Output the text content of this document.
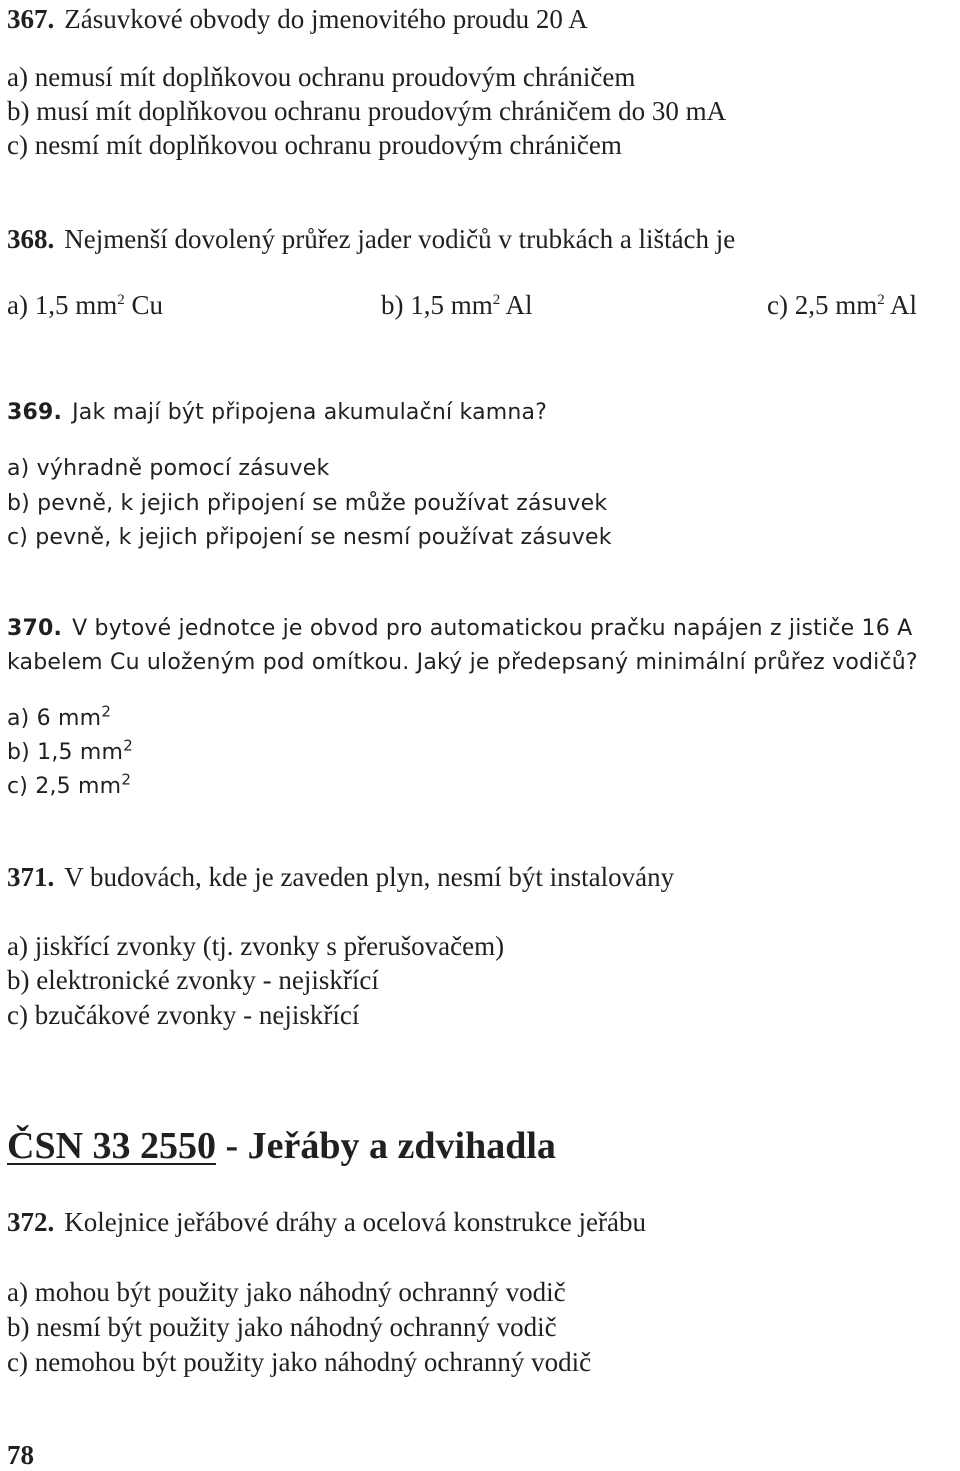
367. Zásuvkové obvody do jmenovitého proudu 20 A
a) nemusí mít doplňkovou ochranu proudovým chráničem
b) musí mít doplňkovou ochranu proudovým chráničem do 30 mA
c) nesmí mít doplňkovou ochranu proudovým chráničem
368. Nejmenší dovolený průřez jader vodičů v trubkách a lištách je
a) 1,5 $mm^2$ Cu	b) 1,5 $mm^2$ Al	c) 2,5 $mm^2$ Al
369. Jak mají být připojena akumulační kamna?
a) výhradně pomocí zásuvek
b) pevně, k jejich připojení se může používat zásuvek
c) pevně, k jejich připojení se nesmí používat zásuvek
370. V bytové jednotce je obvod pro automatickou pračku napájen z jističe 16 A
kabelem Cu uloženým pod omítkou. Jaký je předepsaný minimální průřez vodičů?
a) 6 $mm^2$
b) 1,5 $mm^2$
c) 2,5 $mm^2$
371. V budovách, kde je zaveden plyn, nesmí být instalovány
a) jiskřící zvonky (tj. zvonky s přerušovačem)
b) elektronické zvonky - nejiskřící
c) bzučákové zvonky - nejiskřící
ČSN 33 2550 - Jeřáby a zdvihadla
372. Kolejnice jeřábové dráhy a ocelová konstrukce jeřábu
a) mohou být použity jako náhodný ochranný vodič
b) nesmí být použity jako náhodný ochranný vodič
c) nemohou být použity jako náhodný ochranný vodič
78
